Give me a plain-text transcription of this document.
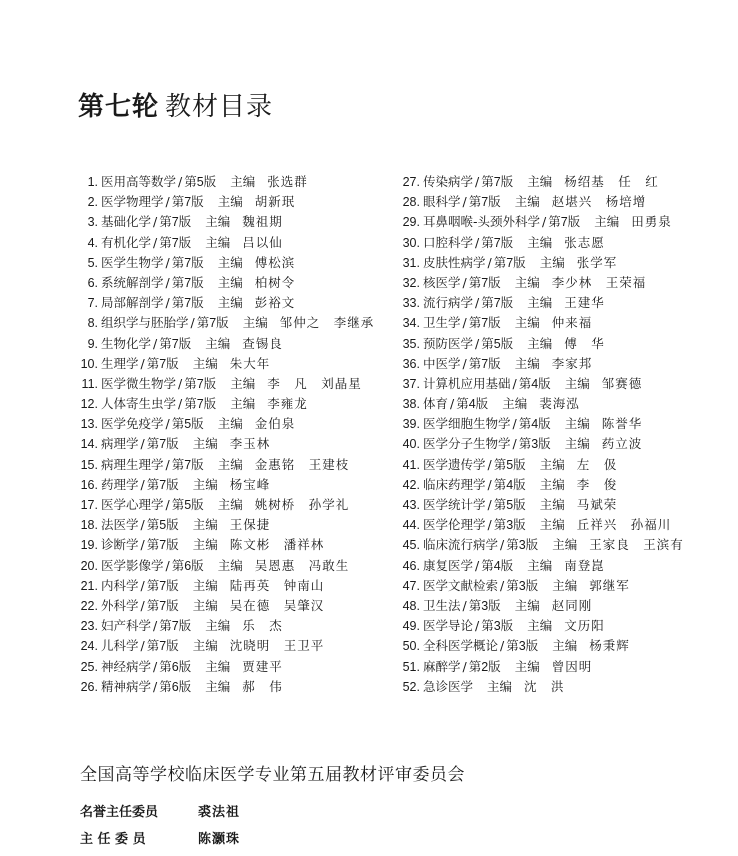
第七轮 教材目录
1. 医用高等数学 / 第5版 主编 张选群
2. 医学物理学 / 第7版 主编 胡新珉
3. 基础化学 / 第7版 主编 魏祖期
4. 有机化学 / 第7版 主编 吕以仙
5. 医学生物学 / 第7版 主编 傅松滨
6. 系统解剖学 / 第7版 主编 柏树令
7. 局部解剖学 / 第7版 主编 彭裕文
8. 组织学与胚胎学 / 第7版 主编 邹仲之　李继承
9. 生物化学 / 第7版 主编 查锡良
10. 生理学 / 第7版 主编 朱大年
11. 医学微生物学 / 第7版 主编 李　凡　刘晶星
12. 人体寄生虫学 / 第7版 主编 李雍龙
13. 医学免疫学 / 第5版 主编 金伯泉
14. 病理学 / 第7版 主编 李玉林
15. 病理生理学 / 第7版 主编 金惠铭　王建枝
16. 药理学 / 第7版 主编 杨宝峰
17. 医学心理学 / 第5版 主编 姚树桥　孙学礼
18. 法医学 / 第5版 主编 王保捷
19. 诊断学 / 第7版 主编 陈文彬　潘祥林
20. 医学影像学 / 第6版 主编 吴恩惠　冯敢生
21. 内科学 / 第7版 主编 陆再英　钟南山
22. 外科学 / 第7版 主编 吴在德　吴肇汉
23. 妇产科学 / 第7版 主编 乐　杰
24. 儿科学 / 第7版 主编 沈晓明　王卫平
25. 神经病学 / 第6版 主编 贾建平
26. 精神病学 / 第6版 主编 郝　伟
27. 传染病学 / 第7版 主编 杨绍基　任　红
28. 眼科学 / 第7版 主编 赵堪兴　杨培增
29. 耳鼻咽喉-头颈外科学 / 第7版 主编 田勇泉
30. 口腔科学 / 第7版 主编 张志愿
31. 皮肤性病学 / 第7版 主编 张学军
32. 核医学 / 第7版 主编 李少林　王荣福
33. 流行病学 / 第7版 主编 王建华
34. 卫生学 / 第7版 主编 仲来福
35. 预防医学 / 第5版 主编 傅　华
36. 中医学 / 第7版 主编 李家邦
37. 计算机应用基础 / 第4版 主编 邹赛德
38. 体育 / 第4版 主编 裴海泓
39. 医学细胞生物学 / 第4版 主编 陈誉华
40. 医学分子生物学 / 第3版 主编 药立波
41. 医学遗传学 / 第5版 主编 左　伋
42. 临床药理学 / 第4版 主编 李　俊
43. 医学统计学 / 第5版 主编 马斌荣
44. 医学伦理学 / 第3版 主编 丘祥兴　孙福川
45. 临床流行病学 / 第3版 主编 王家良　王滨有
46. 康复医学 / 第4版 主编 南登崑
47. 医学文献检索 / 第3版 主编 郭继军
48. 卫生法 / 第3版 主编 赵同刚
49. 医学导论 / 第3版 主编 文历阳
50. 全科医学概论 / 第3版 主编 杨秉辉
51. 麻醉学 / 第2版 主编 曾因明
52. 急诊医学 主编 沈　洪
全国高等学校临床医学专业第五届教材评审委员会
名誉主任委员	裘法祖
主 任 委 员	陈灏珠
